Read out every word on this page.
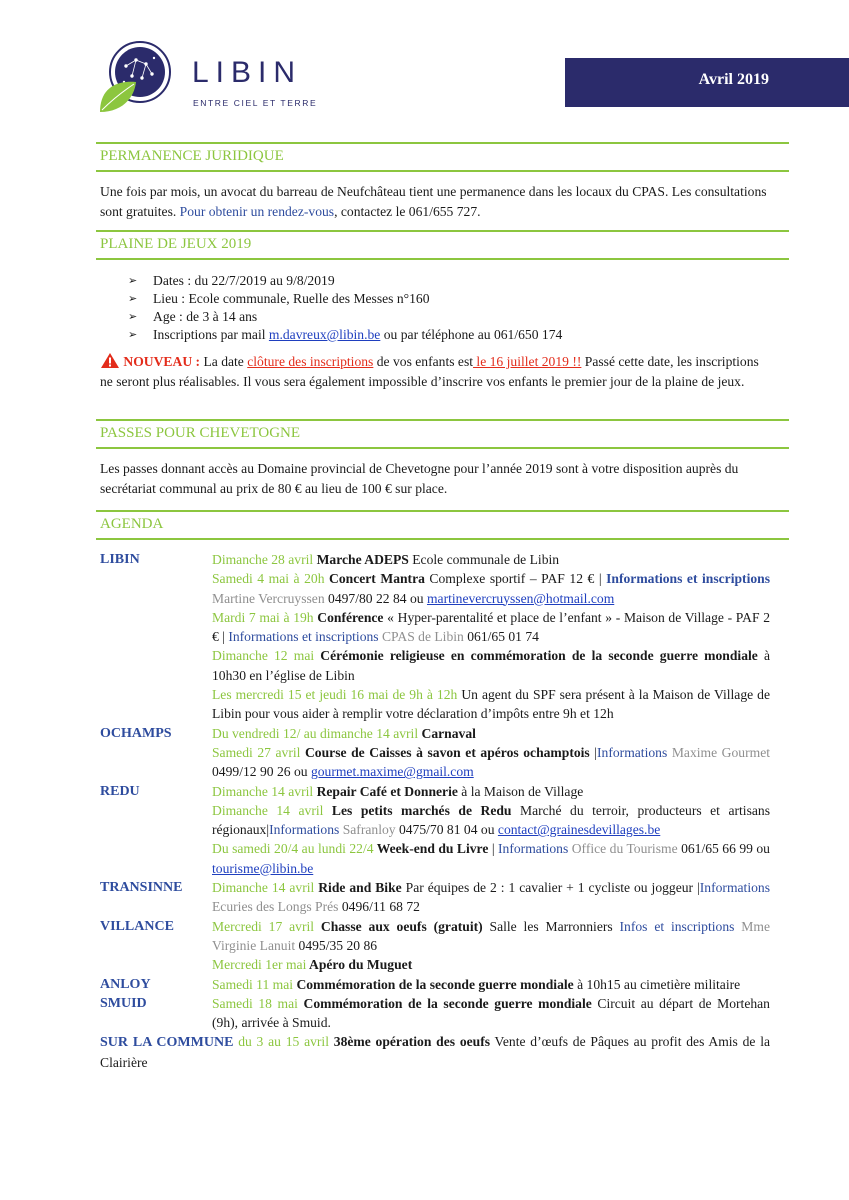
LIBIN
ENTRE CIEL ET TERRE
Avril 2019
PERMANENCE JURIDIQUE
Une fois par mois, un avocat du barreau de Neufchâteau tient une permanence dans les locaux du CPAS. Les consultations sont gratuites. Pour obtenir un rendez-vous, contactez le 061/655 727.
PLAINE DE JEUX 2019
➢ Dates : du 22/7/2019 au 9/8/2019
➢ Lieu : Ecole communale, Ruelle des Messes n°160
➢ Age : de 3 à 14 ans
➢ Inscriptions par mail m.davreux@libin.be ou par téléphone au 061/650 174
NOUVEAU : La date clôture des inscriptions de vos enfants est le 16 juillet 2019 !! Passé cette date, les inscriptions ne seront plus réalisables. Il vous sera également impossible d’inscrire vos enfants le premier jour de la plaine de jeux.
PASSES POUR CHEVETOGNE
Les passes donnant accès au Domaine provincial de Chevetogne pour l’année 2019 sont à votre disposition auprès du secrétariat communal au prix de 80 € au lieu de 100 € sur place.
AGENDA
LIBIN	Dimanche 28 avril Marche ADEPS Ecole communale de Libin
Samedi 4 mai à 20h Concert Mantra Complexe sportif – PAF 12 € | Informations et inscriptions Martine Vercruyssen 0497/80 22 84 ou martinevercruyssen@hotmail.com
Mardi 7 mai à 19h Conférence « Hyper-parentalité et place de l’enfant » - Maison de Village - PAF 2 € | Informations et inscriptions CPAS de Libin 061/65 01 74
Dimanche 12 mai Cérémonie religieuse en commémoration de la seconde guerre mondiale à 10h30 en l’église de Libin
Les mercredi 15 et jeudi 16 mai de 9h à 12h Un agent du SPF sera présent à la Maison de Village de Libin pour vous aider à remplir votre déclaration d’impôts entre 9h et 12h
OCHAMPS	Du vendredi 12/ au dimanche 14 avril Carnaval
Samedi 27 avril Course de Caisses à savon et apéros ochamptois |Informations Maxime Gourmet 0499/12 90 26 ou gourmet.maxime@gmail.com
REDU	Dimanche 14 avril Repair Café et Donnerie à la Maison de Village
Dimanche 14 avril Les petits marchés de Redu Marché du terroir, producteurs et artisans régionaux|Informations Safranloy 0475/70 81 04 ou contact@grainesdevillages.be
Du samedi 20/4 au lundi 22/4 Week-end du Livre | Informations Office du Tourisme 061/65 66 99 ou tourisme@libin.be
TRANSINNE	Dimanche 14 avril Ride and Bike Par équipes de 2 : 1 cavalier + 1 cycliste ou joggeur |Informations Ecuries des Longs Prés 0496/11 68 72
VILLANCE	Mercredi 17 avril Chasse aux oeufs (gratuit) Salle les Marronniers Infos et inscriptions Mme Virginie Lanuit 0495/35 20 86
Mercredi 1er mai Apéro du Muguet
ANLOY	Samedi 11 mai Commémoration de la seconde guerre mondiale à 10h15 au cimetière militaire
SMUID	Samedi 18 mai Commémoration de la seconde guerre mondiale Circuit au départ de Mortehan (9h), arrivée à Smuid.
SUR LA COMMUNE du 3 au 15 avril 38ème opération des oeufs Vente d’œufs de Pâques au profit des Amis de la Clairière
